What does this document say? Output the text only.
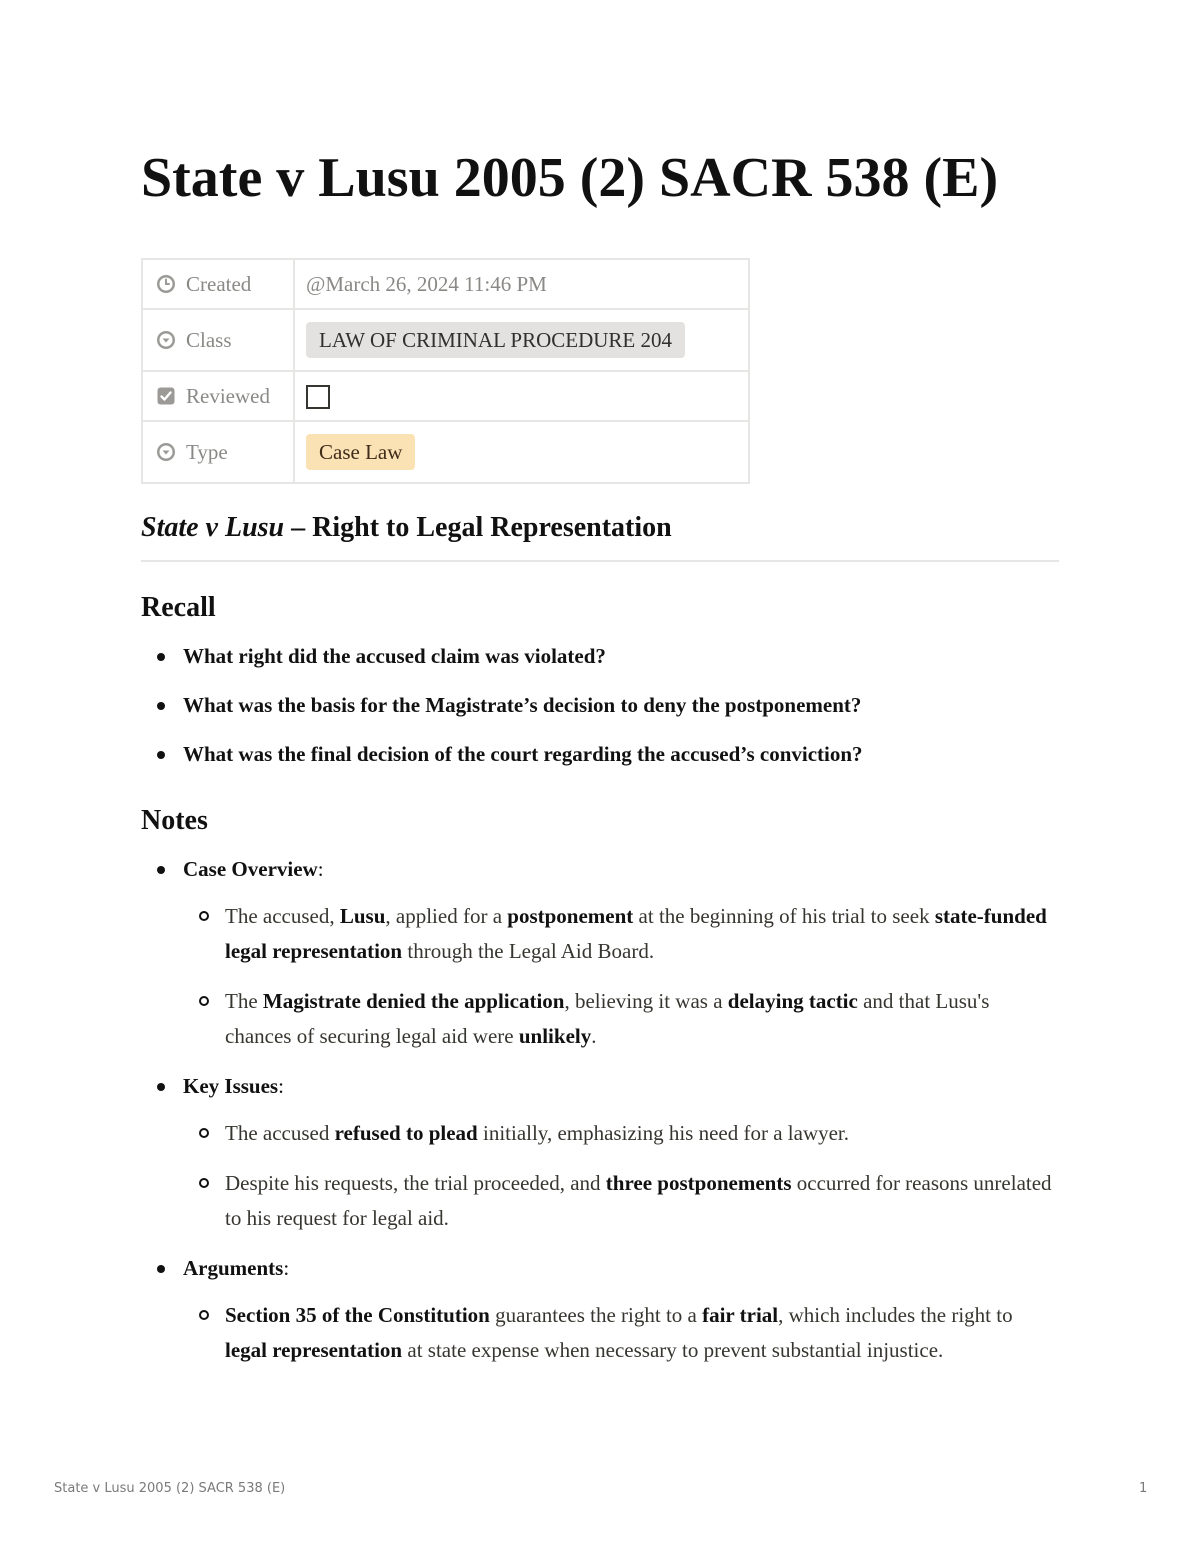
State v Lusu 2005 (2) SACR 538 (E)
Created	@March 26, 2024 11:46 PM

Class	LAW OF CRIMINAL PROCEDURE 204

Reviewed	

Type	Case Law
State v Lusu – Right to Legal Representation
Recall
What right did the accused claim was violated?
What was the basis for the Magistrate’s decision to deny the postponement?
What was the final decision of the court regarding the accused’s conviction?
Notes
Case Overview:
The accused, Lusu, applied for a postponement at the beginning of his trial to seek state-funded legal representation through the Legal Aid Board.
The Magistrate denied the application, believing it was a delaying tactic and that Lusu's chances of securing legal aid were unlikely.
Key Issues:
The accused refused to plead initially, emphasizing his need for a lawyer.
Despite his requests, the trial proceeded, and three postponements occurred for reasons unrelated to his request for legal aid.
Arguments:
Section 35 of the Constitution guarantees the right to a fair trial, which includes the right to legal representation at state expense when necessary to prevent substantial injustice.
State v Lusu 2005 (2) SACR 538 (E)	1
